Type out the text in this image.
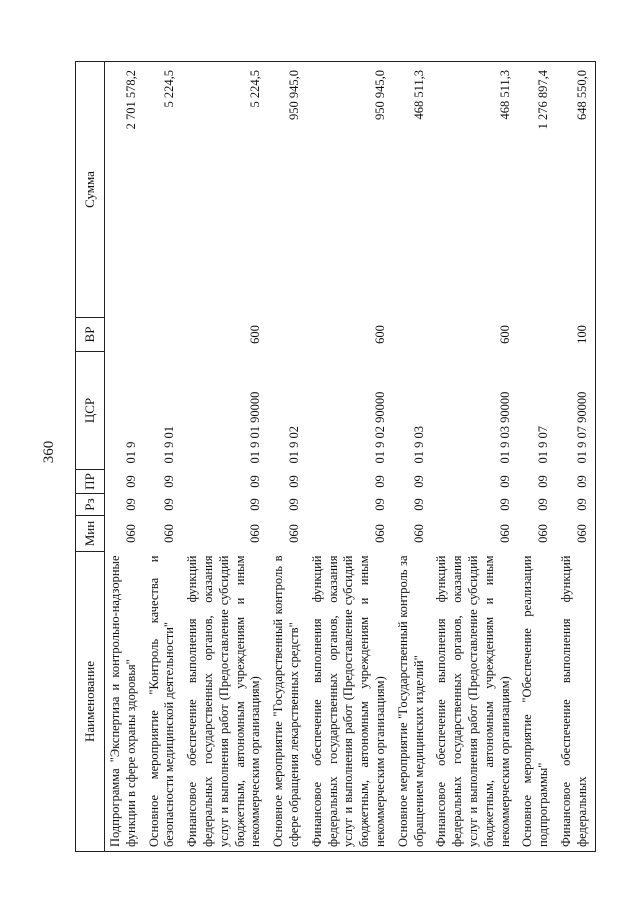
360
Наименование	Мин	Рз	ПР	ЦСР	ВР	Сумма
Подпрограмма "Экспертиза и контрольно-надзорные функции в сфере охраны здоровья"	060	09	09	01 9		2 701 578,2
Основное мероприятие "Контроль качества и безопасности медицинской деятельности"	060	09	09	01 9 01		5 224,5
Финансовое обеспечение выполнения функций федеральных государственных органов, оказания услуг и выполнения работ (Предоставление субсидий бюджетным, автономным учреждениям и иным некоммерческим организациям)	060	09	09	01 9 01 90000	600	5 224,5
Основное мероприятие "Государственный контроль в сфере обращения лекарственных средств"	060	09	09	01 9 02		950 945,0
Финансовое обеспечение выполнения функций федеральных государственных органов, оказания услуг и выполнения работ (Предоставление субсидий бюджетным, автономным учреждениям и иным некоммерческим организациям)	060	09	09	01 9 02 90000	600	950 945,0
Основное мероприятие "Государственный контроль за обращением медицинских изделий"	060	09	09	01 9 03		468 511,3
Финансовое обеспечение выполнения функций федеральных государственных органов, оказания услуг и выполнения работ (Предоставление субсидий бюджетным, автономным учреждениям и иным некоммерческим организациям)	060	09	09	01 9 03 90000	600	468 511,3
Основное мероприятие "Обеспечение реализации подпрограммы"	060	09	09	01 9 07		1 276 897,4
Финансовое обеспечение выполнения функций федеральных	060	09	09	01 9 07 90000	100	648 550,0
